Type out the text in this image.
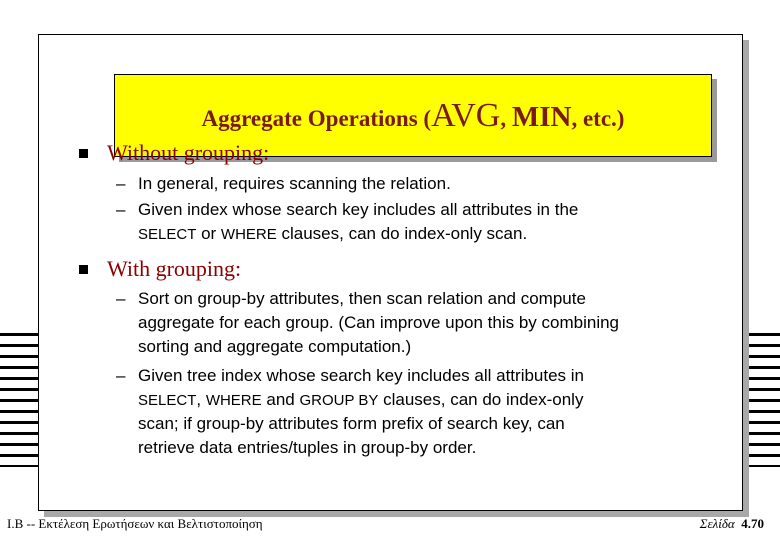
Aggregate Operations (AVG, MIN, etc.)
Without grouping:
– In general, requires scanning the relation.
– Given index whose search key includes all attributes in the
SELECT or WHERE clauses, can do index-only scan.
With grouping:
– Sort on group-by attributes, then scan relation and compute
aggregate for each group. (Can improve upon this by combining
sorting and aggregate computation.)
– Given tree index whose search key includes all attributes in
SELECT, WHERE and GROUP BY clauses, can do index-only
scan; if group-by attributes form prefix of search key, can
retrieve data entries/tuples in group-by order.
Ι.Β -- Εκτέλεση Ερωτήσεων και Βελτιστοποίηση	Σελίδα 4.70
